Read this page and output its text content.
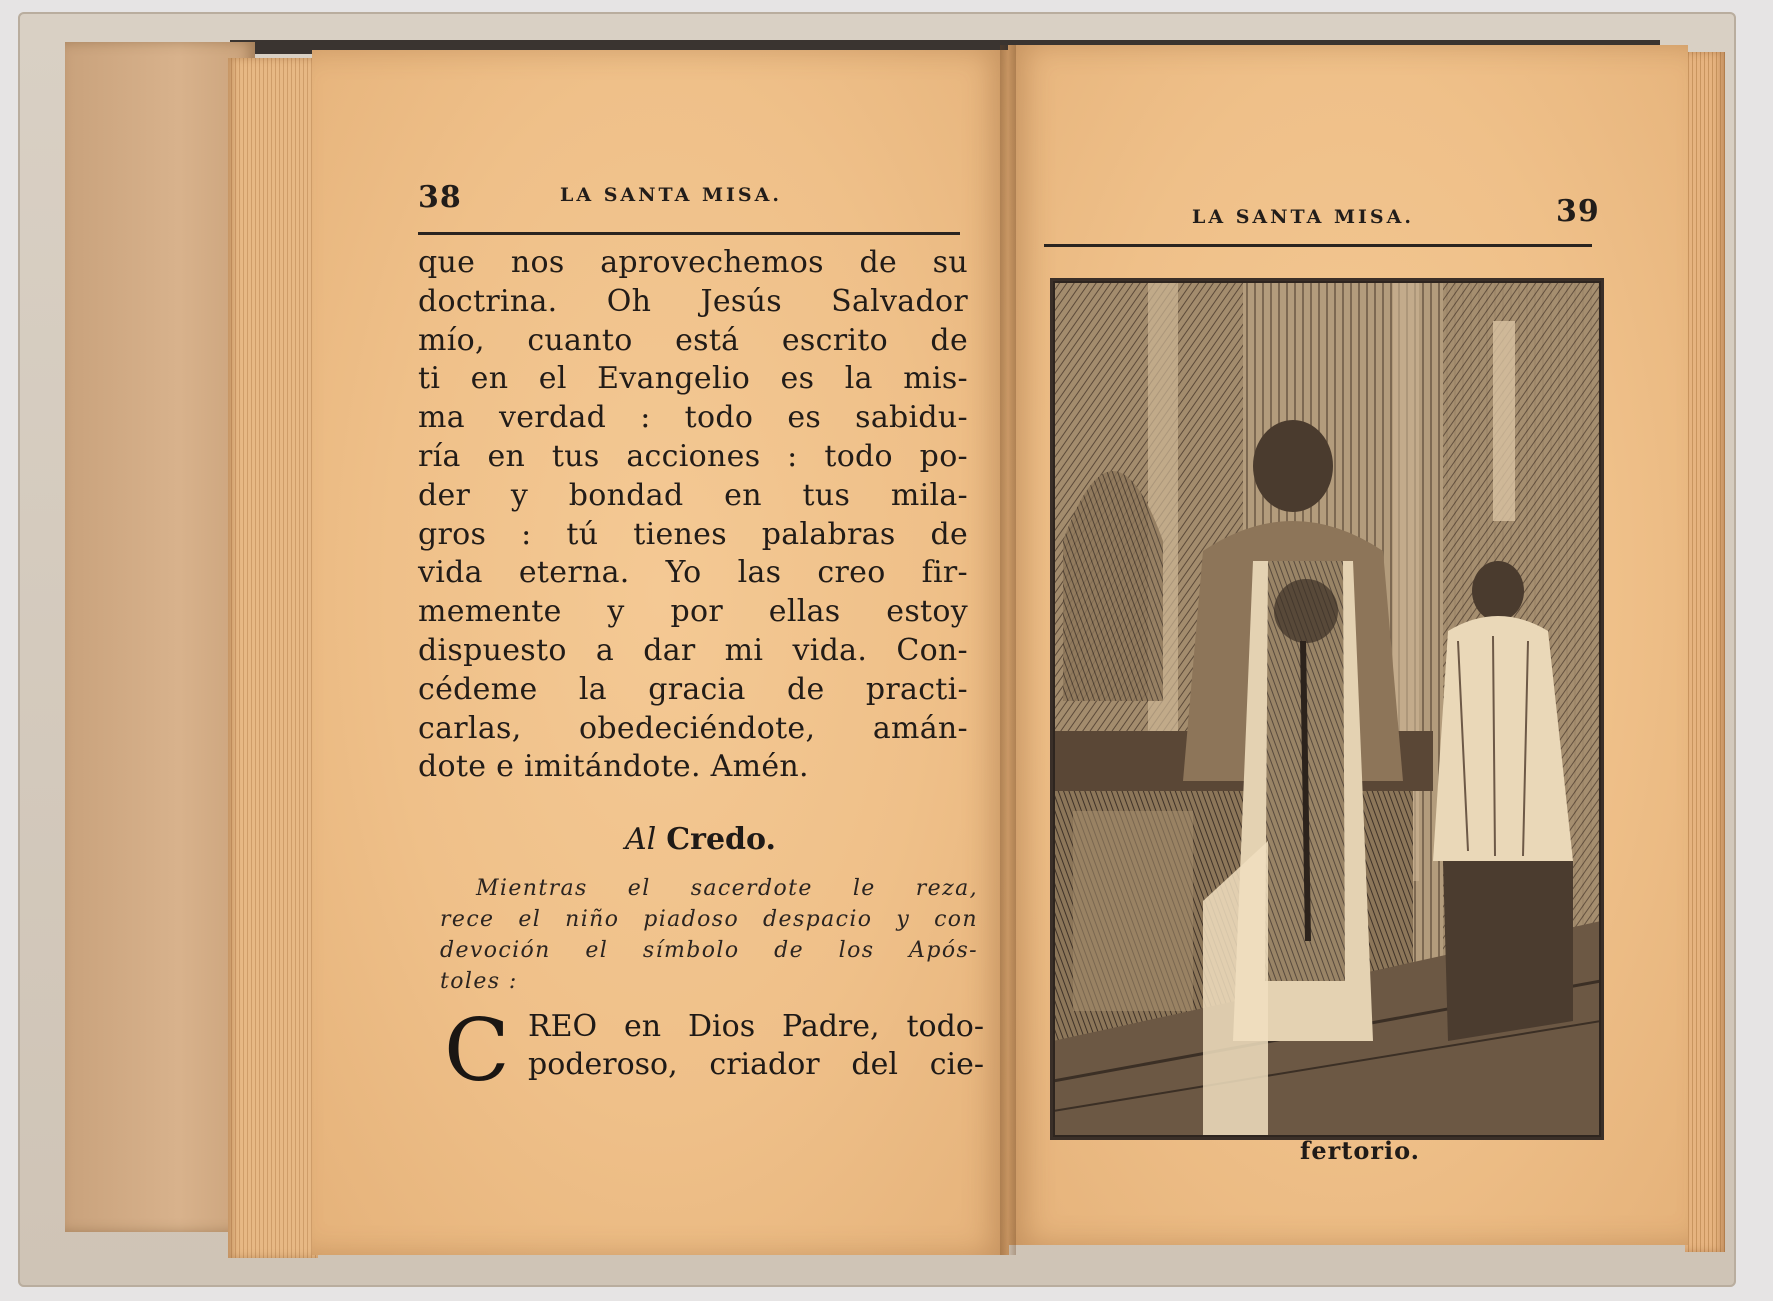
38	LA SANTA MISA.
que nos aprovechemos de su
doctrina. Oh Jesús Salvador
mío, cuanto está escrito de
ti en el Evangelio es la mis-
ma verdad : todo es sabidu-
ría en tus acciones : todo po-
der y bondad en tus mila-
gros : tú tienes palabras de
vida eterna. Yo las creo fir-
memente y por ellas estoy
dispuesto a dar mi vida. Con-
cédeme la gracia de practi-
carlas, obedeciéndote, amán-
dote e imitándote. Amén.
Al Credo.
Mientras el sacerdote le reza,
rece el niño piadoso despacio y con
devoción el símbolo de los Após-
toles :
C REO en Dios Padre, todo-
poderoso, criador del cie-
LA SANTA MISA.	39
fertorio.
